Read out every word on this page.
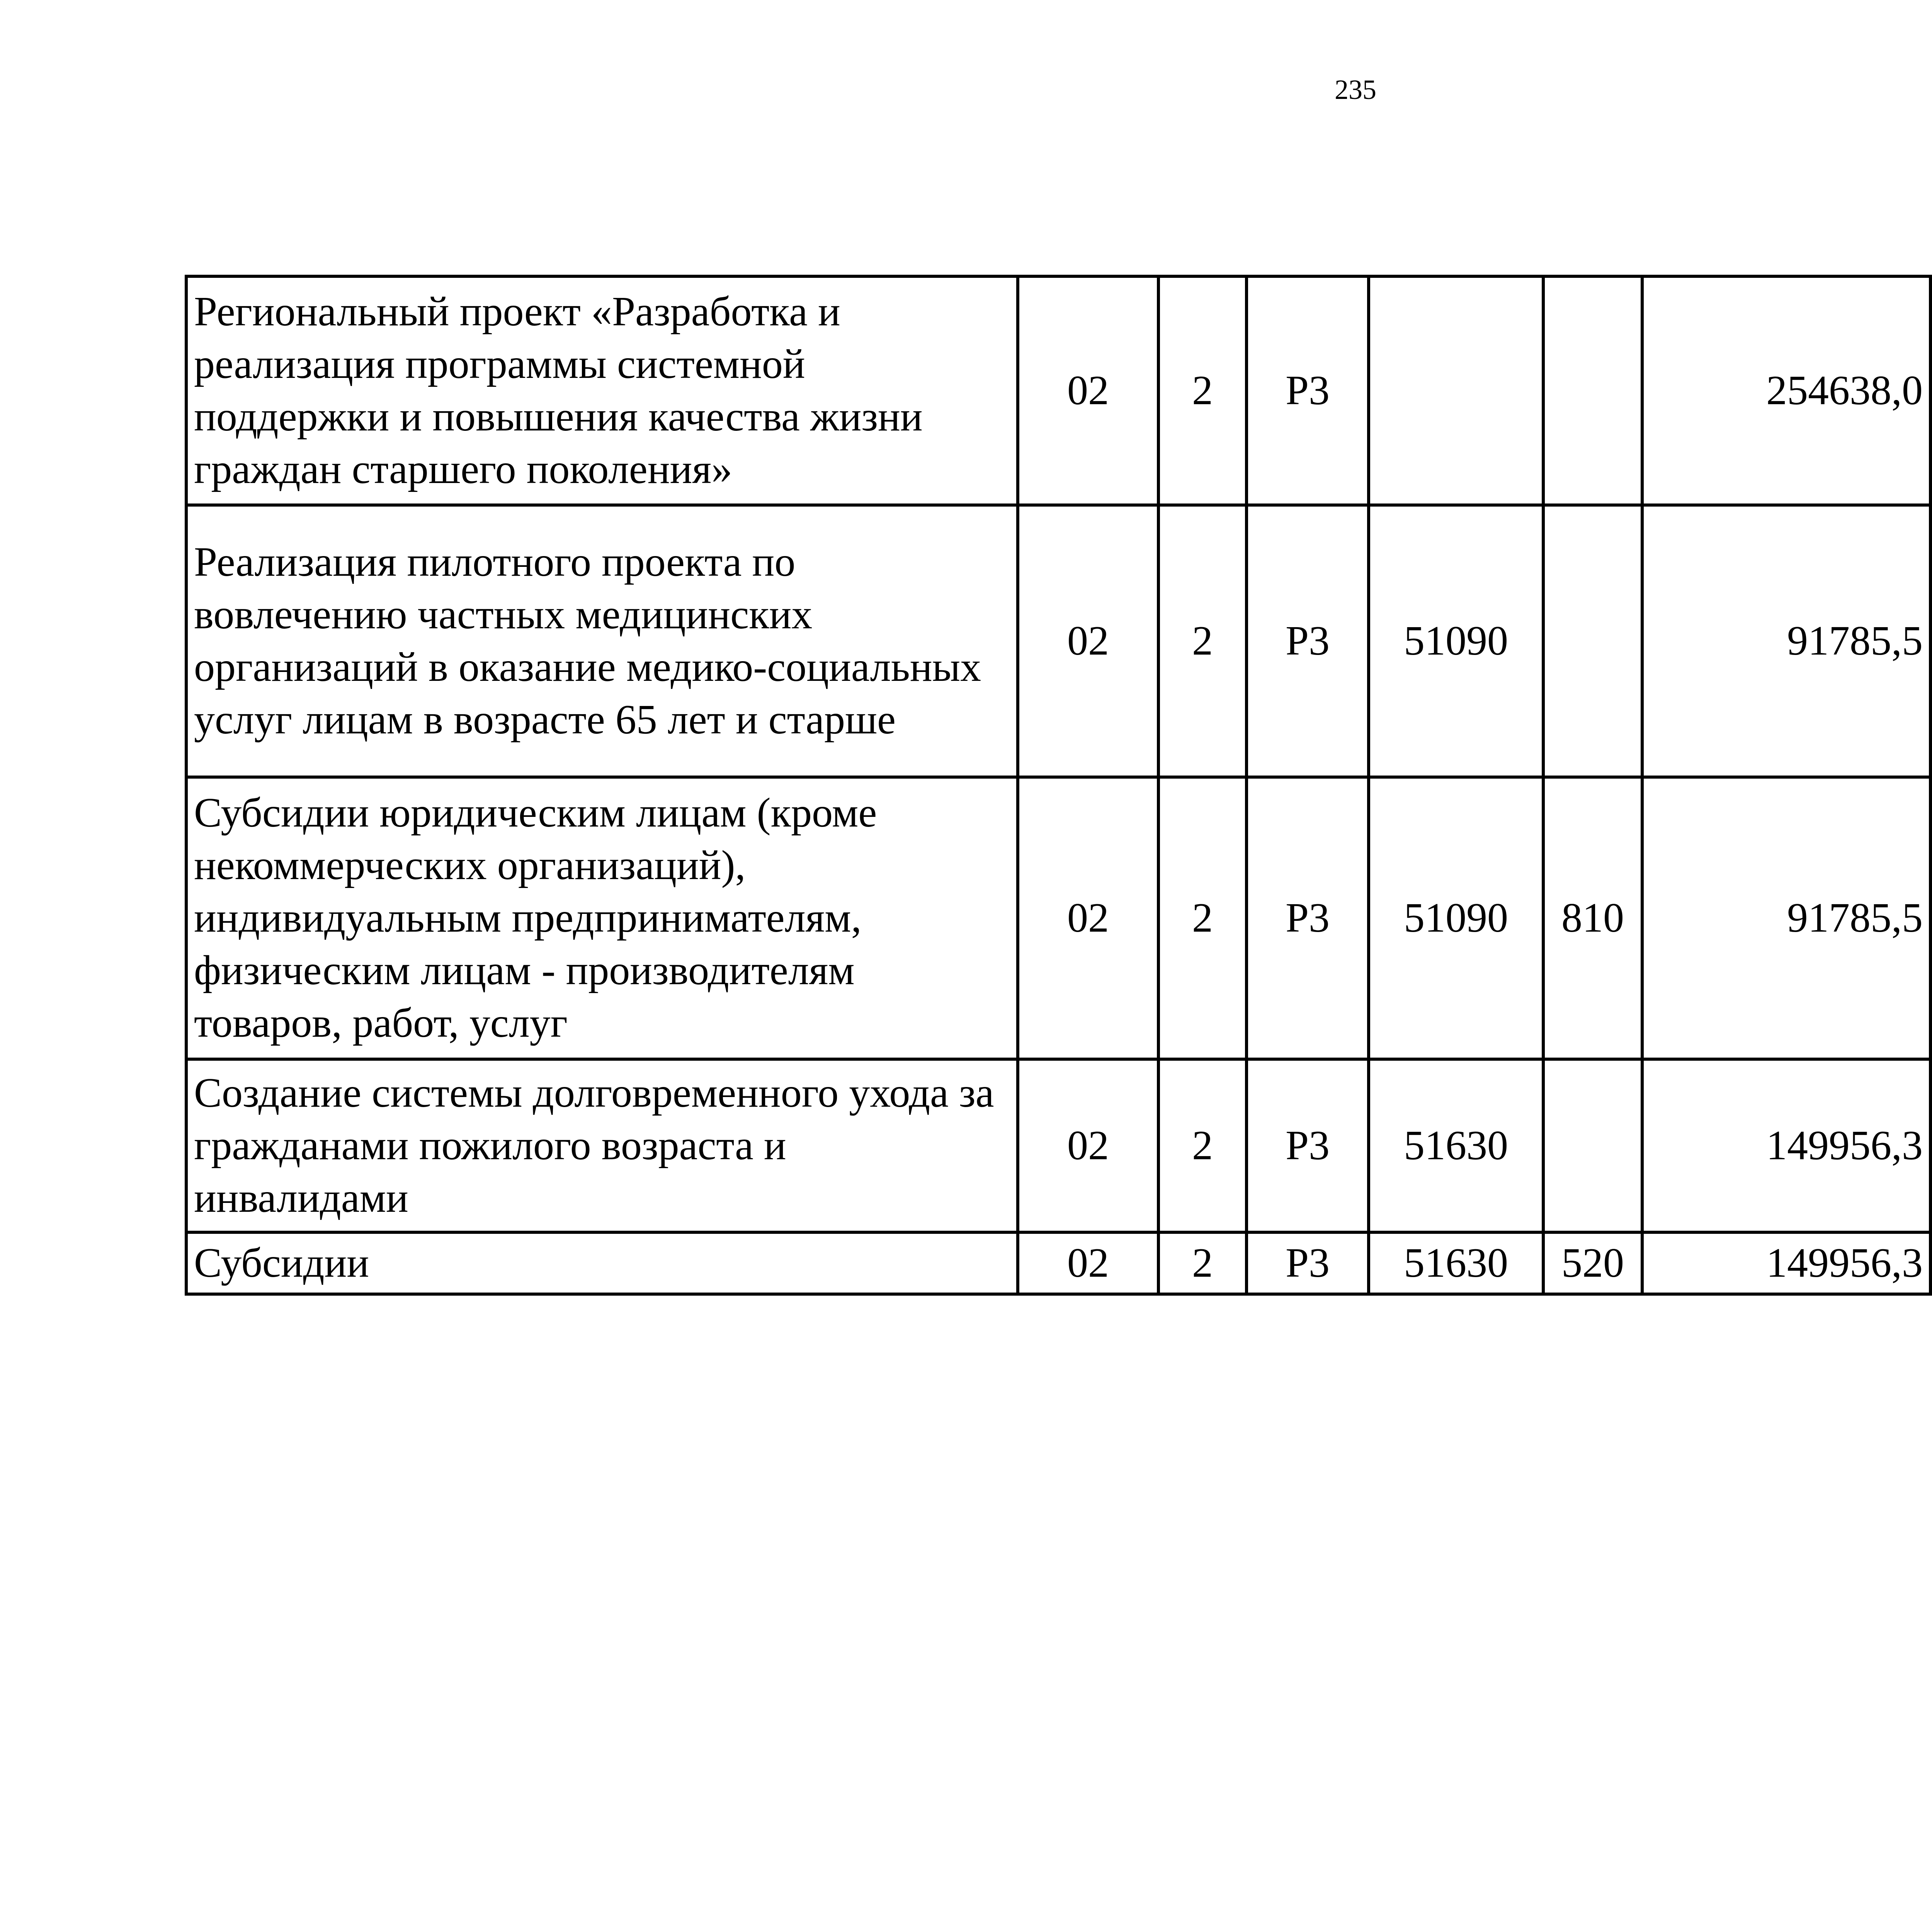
235
Региональный проект «Разработка и реализация программы системной поддержки и повышения качества жизни граждан старшего поколения»	02	2	P3			254638,0		
Реализация пилотного проекта по вовлечению частных медицинских организаций в оказание медико-социальных услуг лицам в возрасте 65 лет и старше	02	2	P3	51090		91785,5		
Субсидии юридическим лицам (кроме некоммерческих организаций), индивидуальным предпринимателям, физическим лицам - производителям товаров, работ, услуг	02	2	P3	51090	810	91785,5		
Создание системы долговременного ухода за гражданами пожилого возраста и инвалидами	02	2	P3	51630		149956,3		
Субсидии	02	2	P3	51630	520	149956,3		
